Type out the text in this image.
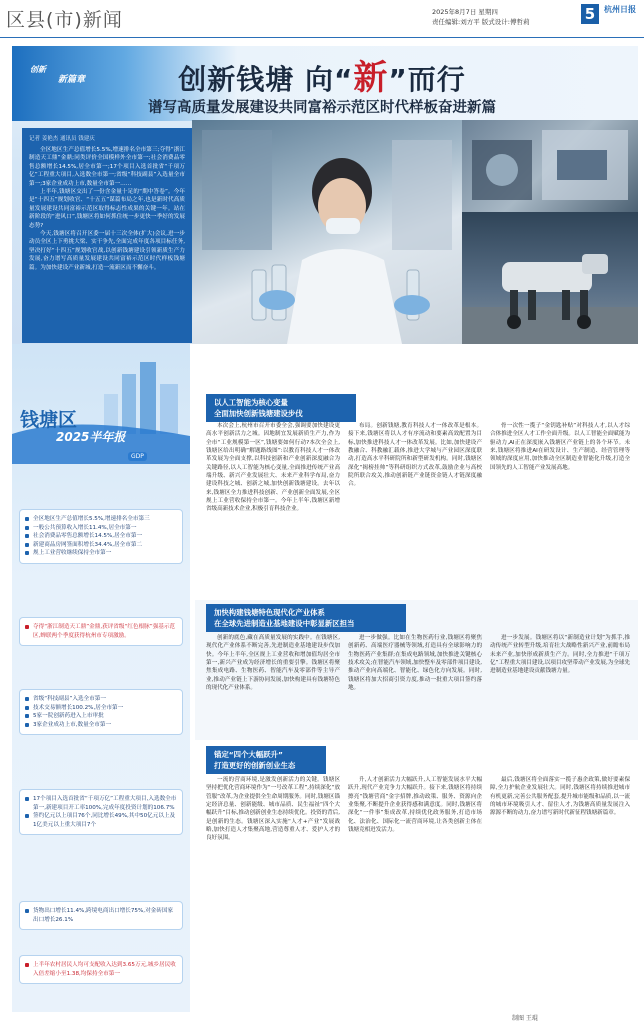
区县(市)新闻	2025年8月7日 星期四
责任编辑:刘方平 版式设计:傅哲莉	5	杭州日报
创新
新篇章	创新钱塘 向“新”而行
谱写高质量发展建设共同富裕示范区时代样板奋进新篇
记者 姜艳杰 通讯员 钱建庆

全区地区生产总值增长5.5%,增速排名全市第三;夺得“浙江制造天工鼎”金鼎;同类评价全国模样外全市第一;社会消费品零售总额增长14.5%,居全市第一;17个项目入选首批省“千项万亿”工程重大项目,入选数全市第一;省级“科技副县”入选量全市第一;3家企业成功上市,数量全市第一……

上半年,钱塘区交出了一份含金量十足的“期中答卷”。今年是“十四五”规划收官、“十五五”谋篇布局之年,也是新时代高质量发展建设共同富裕示范区取得标志性成果的关键一年。站在新阶段的“进风口”,钱塘区将如何抓住统一步更快一季好的发展态势?

今天,钱塘区将召开区委一届十三次全体(扩大)会议,进一步动员全区上下勇挑大梁、实干争先,全面完成年度各项目标任务,坚决打好“十四五”规划收官战,以创新钱塘建设引领新质生产力发展,奋力谱写高质量发展建设共同富裕示范区时代样板钱塘篇。为加快建设产业新城,打造一流新区而不懈奋斗。

钱塘区
2025半年报
GDP
全区地区生产总值增长5.5%,增速排名全市第三
一般公共预算收入增长11.4%,居全市第一
社会消费品零售总额增长14.5%,居全市第一
新建商品房网签面积增长34.4%,居全市第二
规上工业营收继续保持全市第一
夺得“浙江制造天工鼎”金鼎,获评省级“红色根脉”强基示范区,蝉联两个季度获得杭州市专项激励。
省级“科技副县”入选全市第一
技术交易额增长100.2%,居全市第一
5家一院创新药进入上市审批
3家企业成功上市,数量全市第一
17个项目入选首批省“千项万亿”工程重大项目,入选数全市第一,新建项目开工率100%,完成年度投资计划的106.7%
签约亿元以上项目76个,同比增长49%,其中50亿元以上及1亿美元以上重大项目7个
货物出口增长11.4%,跨境电商出口增长75%,对金砖国家出口增长26.1%
上半年农村居民人均可支配收入达到3.65万元,城乡居民收入倍差缩小至1.38,均保持全市第一
以人工智能为核心变量
全面加快创新钱塘建设步伐

本次会上,杭州市召开市委全会,强调要加快建设更高水平创新活力之城。因地制宜发展新质生产力,作为全市“工业规模第一区”,钱塘要如何行动?本次全会上,钱塘区给出明确“解题路线图”:以教育科技人才一体改革发展为全面支撑,以科技创新和产业创新深度融合为关键路径,以人工智能为核心变量,全面推进传统产业高端升级、新兴产业发展壮大、未来产业科学布局,奋力建设科技之城、创新之城,加快创新钱塘建设。去年以来,钱塘区全力推进科技创新、产业创新全面发展,全区规上工业营收保持全市第一。今年上半年,钱塘区新增省级高新技术企业,积极引育科技企业。

布局。创新钱塘,教育科技人才一体改革是根本。接下来,钱塘区将以人才有序流动和要素高效配置为目标,加快推进科技人才一体改革发展。比如,加快建设产教融合、科教融汇载体,推进大学城与产业园区深度联动,打造高水平科研院所和新型研发机构。同时,钱塘区深化“揭榜挂帅”等科研组织方式改革,鼓励企业与高校院所联合攻关,推动创新链产业链资金链人才链深度融合。

骨一次性一揽子“金钥匙补贴”对科技人才,以人才综合体推进全区人才工作全面升级。以人工智能全面赋能为驱动力,AI正在深度嵌入钱塘区产业链上的各个环节。未来,钱塘区将推进AI在研发设计、生产制造、经营管理等领域的深度应用,加快推动全区制造业智能化升级,打造全国领先的人工智能产业发展高地。

加快构建钱塘特色现代化产业体系
在全球先进制造业基地建设中彰显新区担当

创新的底色,藏在高质量发展的实践中。在钱塘区,现代化产业体系不断完善,先进制造业基地建设步伐加快。今年上半年,全区规上工业营收和增加值均居全市第一,新兴产业成为经济增长的重要引擎。钱塘区将聚焦集成电路、生物医药、智能汽车及零部件等主导产业,推动产业链上下游协同发展,加快构建具有钱塘特色的现代化产业体系。

进一步做强。比如在生物医药行业,钱塘区将聚焦创新药、高端医疗器械等领域,打造具有全球影响力的生物医药产业集群;在集成电路领域,加快推进关键核心技术攻关;在智能汽车领域,加快整车及零部件项目建设,推动产业向高端化、智能化、绿色化方向发展。同时,钱塘区将加大招商引资力度,推动一批重大项目签约落地。

进一步发展。钱塘区将以“新制造业计划”为抓手,推动传统产业转型升级,培育壮大战略性新兴产业,前瞻布局未来产业,加快形成新质生产力。同时,全力推进“千项万亿”工程重大项目建设,以项目攻坚带动产业发展,为全球先进制造业基地建设贡献钱塘力量。

锚定“四个大幅跃升”
打造更好的创新创业生态

一流的营商环境,是激发创新活力的关键。钱塘区坚持把优化营商环境作为“一号改革工程”,持续深化“放管服”改革,为企业提供全生命周期服务。同时,钱塘区锚定经济总量、创新能级、城市品质、民生福祉“四个大幅跃升”目标,推动创新创业生态持续优化。投资的背后,是创新的生态。钱塘区深入实施“人才+产业”发展战略,加快打造人才集聚高地,营造尊重人才、爱护人才的良好氛围。

升,人才创新活力大幅跃升,人工智能发展水平大幅跃升,现代产业竞争力大幅跃升。接下来,钱塘区将持续擦亮“钱塘营商”金字招牌,推动政策、服务、资源向企业集聚,不断提升企业获得感和满意度。同时,钱塘区将深化“一件事”集成改革,持续优化政务服务,打造市场化、法治化、国际化一流营商环境,让各类创新主体在钱塘竞相迸发活力。

最后,钱塘区将全面落实一揽子惠企政策,做好要素保障,全力护航企业发展壮大。同时,钱塘区将持续推进城市有机更新,完善公共服务配套,提升城市能级和品质,以一流的城市环境吸引人才、留住人才,为钱塘高质量发展注入源源不断的动力,奋力谱写新时代新征程钱塘新篇章。

制图 王琨
